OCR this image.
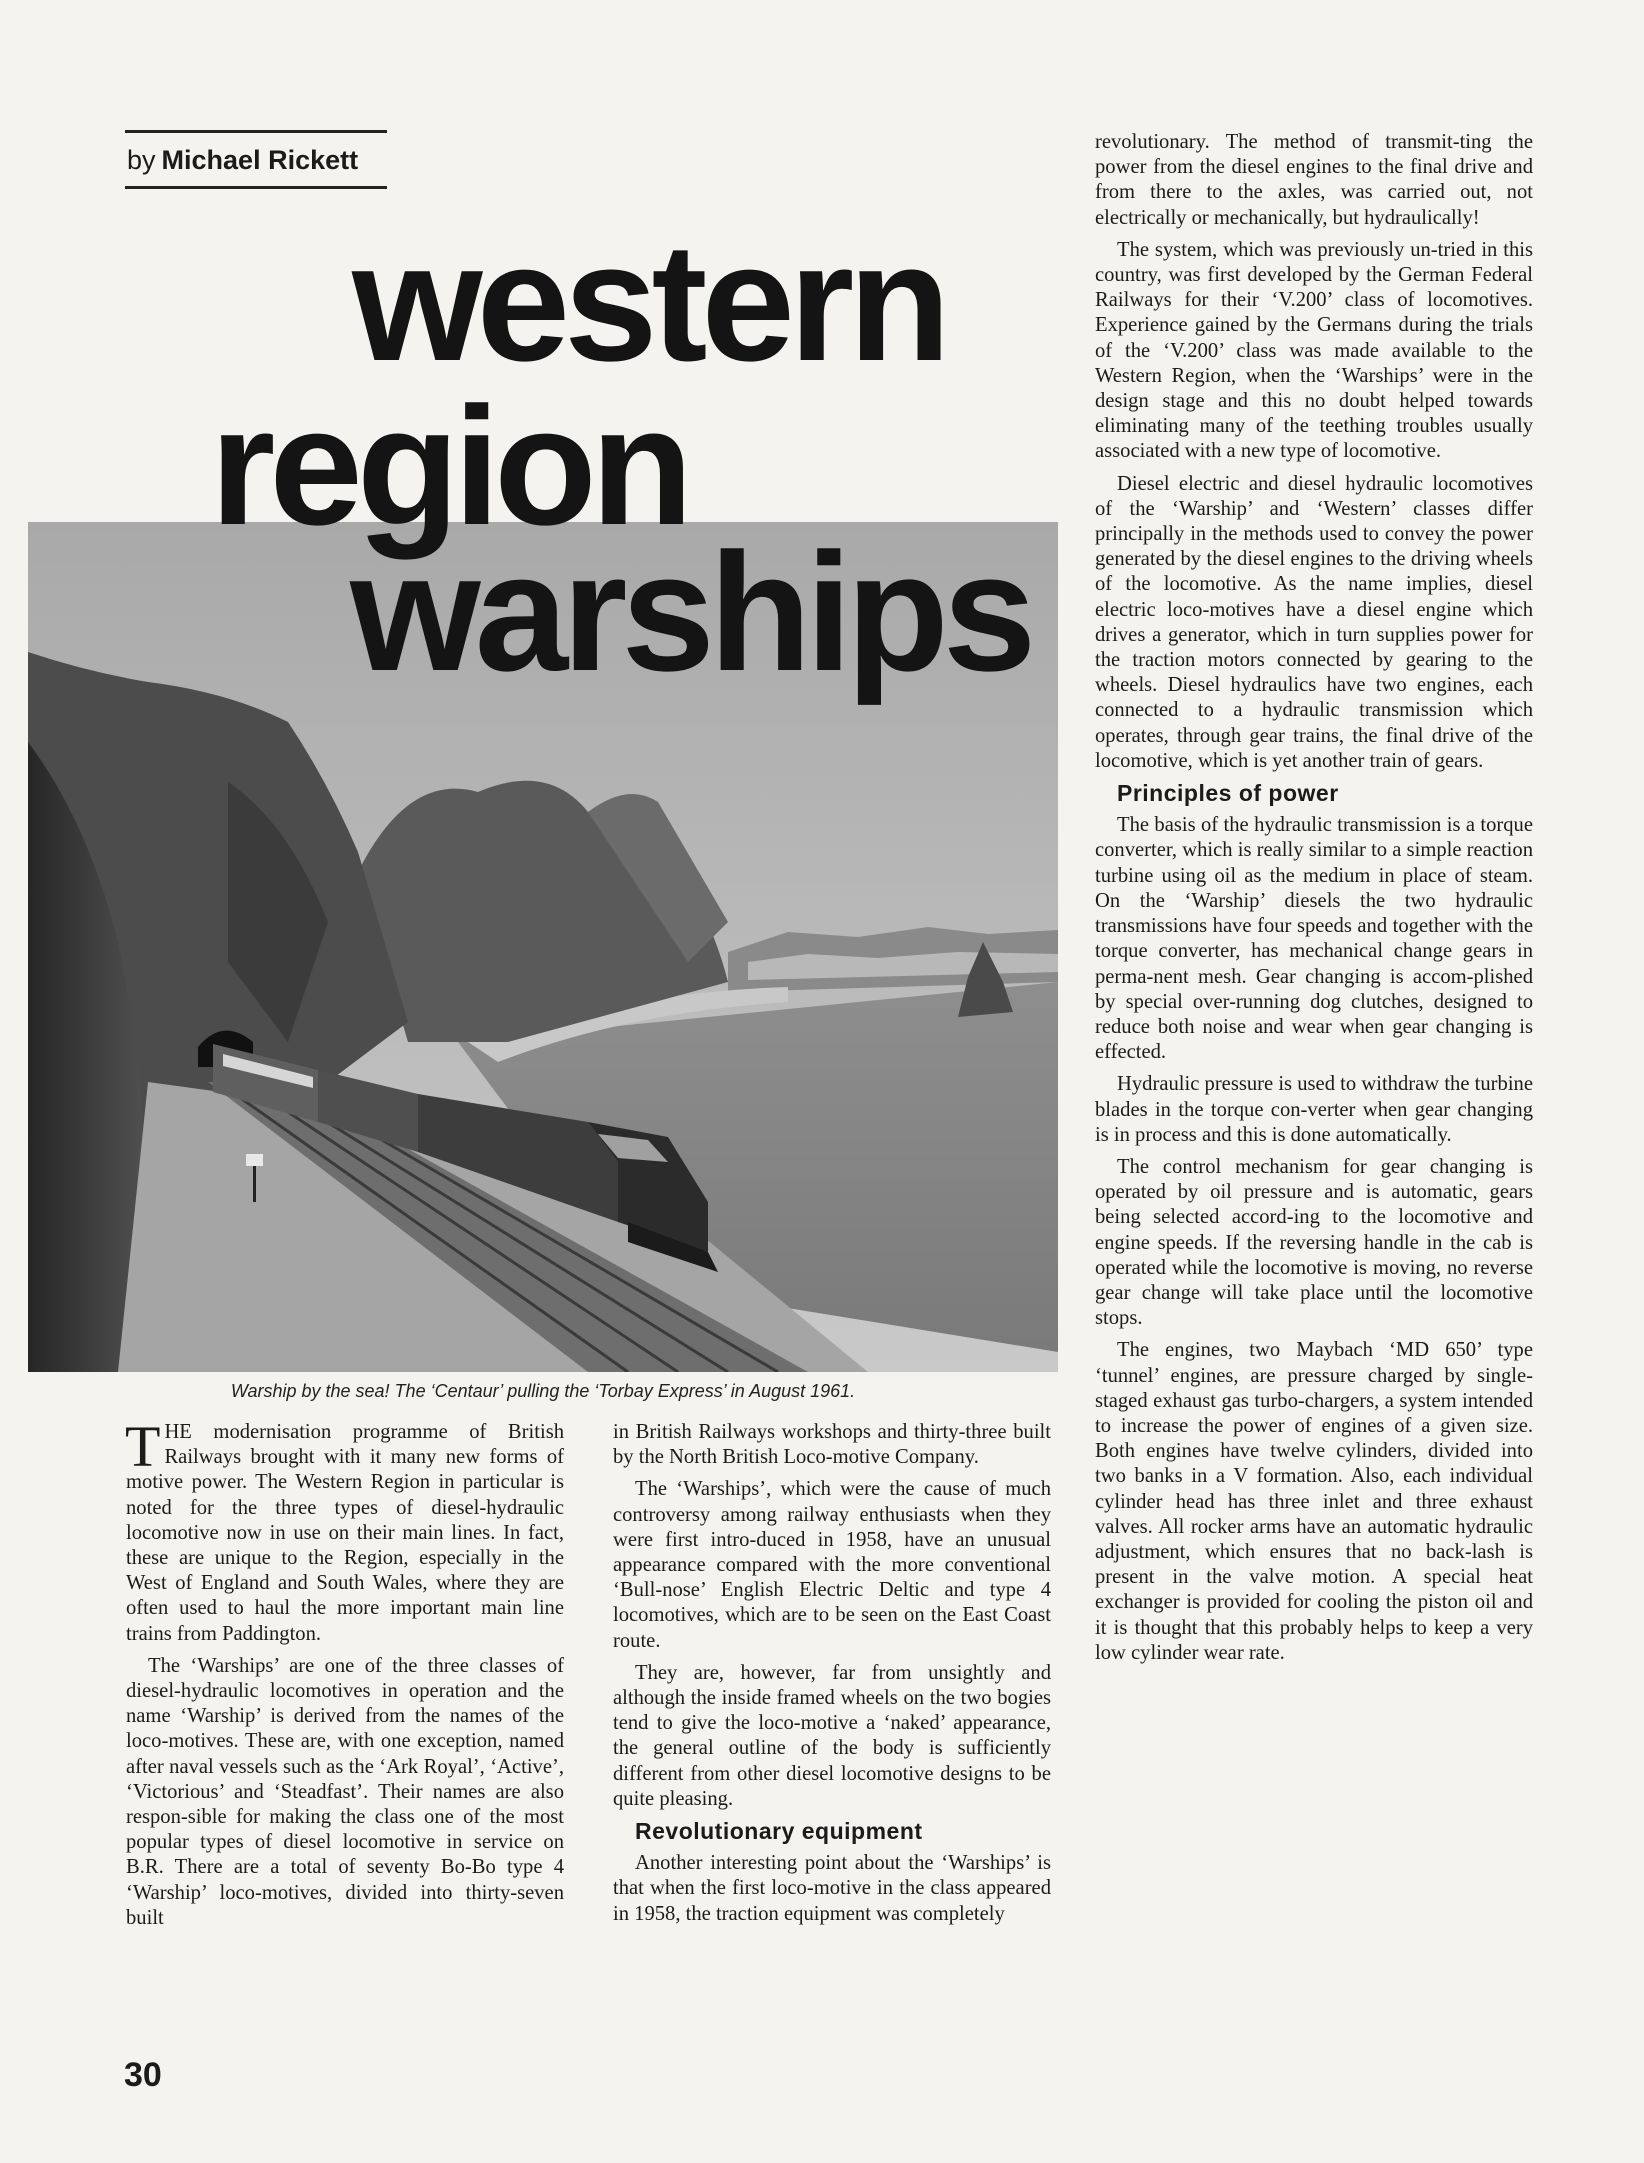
by Michael Rickett
western
region
warships

Warship by the sea! The ‘Centaur’ pulling the ‘Torbay Express’ in August 1961.

THE modernisation programme of British Railways brought with it many new forms of motive power. The Western Region in particular is noted for the three types of diesel-hydraulic locomotive now in use on their main lines. In fact, these are unique to the Region, especially in the West of England and South Wales, where they are often used to haul the more important main line trains from Paddington.

The ‘Warships’ are one of the three classes of diesel-hydraulic locomotives in operation and the name ‘Warship’ is derived from the names of the loco-motives. These are, with one exception, named after naval vessels such as the ‘Ark Royal’, ‘Active’, ‘Victorious’ and ‘Steadfast’. Their names are also respon-sible for making the class one of the most popular types of diesel locomotive in service on B.R. There are a total of seventy Bo-Bo type 4 ‘Warship’ loco-motives, divided into thirty-seven built

in British Railways workshops and thirty-three built by the North British Loco-motive Company.

The ‘Warships’, which were the cause of much controversy among railway enthusiasts when they were first intro-duced in 1958, have an unusual appearance compared with the more conventional ‘Bull-nose’ English Electric Deltic and type 4 locomotives, which are to be seen on the East Coast route.

They are, however, far from unsightly and although the inside framed wheels on the two bogies tend to give the loco-motive a ‘naked’ appearance, the general outline of the body is sufficiently different from other diesel locomotive designs to be quite pleasing.

Revolutionary equipment

Another interesting point about the ‘Warships’ is that when the first loco-motive in the class appeared in 1958, the traction equipment was completely

revolutionary. The method of transmit-ting the power from the diesel engines to the final drive and from there to the axles, was carried out, not electrically or mechanically, but hydraulically!

The system, which was previously un-tried in this country, was first developed by the German Federal Railways for their ‘V.200’ class of locomotives. Experience gained by the Germans during the trials of the ‘V.200’ class was made available to the Western Region, when the ‘Warships’ were in the design stage and this no doubt helped towards eliminating many of the teething troubles usually associated with a new type of locomotive.

Diesel electric and diesel hydraulic locomotives of the ‘Warship’ and ‘Western’ classes differ principally in the methods used to convey the power generated by the diesel engines to the driving wheels of the locomotive. As the name implies, diesel electric loco-motives have a diesel engine which drives a generator, which in turn supplies power for the traction motors connected by gearing to the wheels. Diesel hydraulics have two engines, each connected to a hydraulic transmission which operates, through gear trains, the final drive of the locomotive, which is yet another train of gears.

Principles of power

The basis of the hydraulic transmission is a torque converter, which is really similar to a simple reaction turbine using oil as the medium in place of steam. On the ‘Warship’ diesels the two hydraulic transmissions have four speeds and together with the torque converter, has mechanical change gears in perma-nent mesh. Gear changing is accom-plished by special over-running dog clutches, designed to reduce both noise and wear when gear changing is effected.

Hydraulic pressure is used to withdraw the turbine blades in the torque con-verter when gear changing is in process and this is done automatically.

The control mechanism for gear changing is operated by oil pressure and is automatic, gears being selected accord-ing to the locomotive and engine speeds. If the reversing handle in the cab is operated while the locomotive is moving, no reverse gear change will take place until the locomotive stops.

The engines, two Maybach ‘MD 650’ type ‘tunnel’ engines, are pressure charged by single-staged exhaust gas turbo-chargers, a system intended to increase the power of engines of a given size. Both engines have twelve cylinders, divided into two banks in a V formation. Also, each individual cylinder head has three inlet and three exhaust valves. All rocker arms have an automatic hydraulic adjustment, which ensures that no back-lash is present in the valve motion. A special heat exchanger is provided for cooling the piston oil and it is thought that this probably helps to keep a very low cylinder wear rate.

30
